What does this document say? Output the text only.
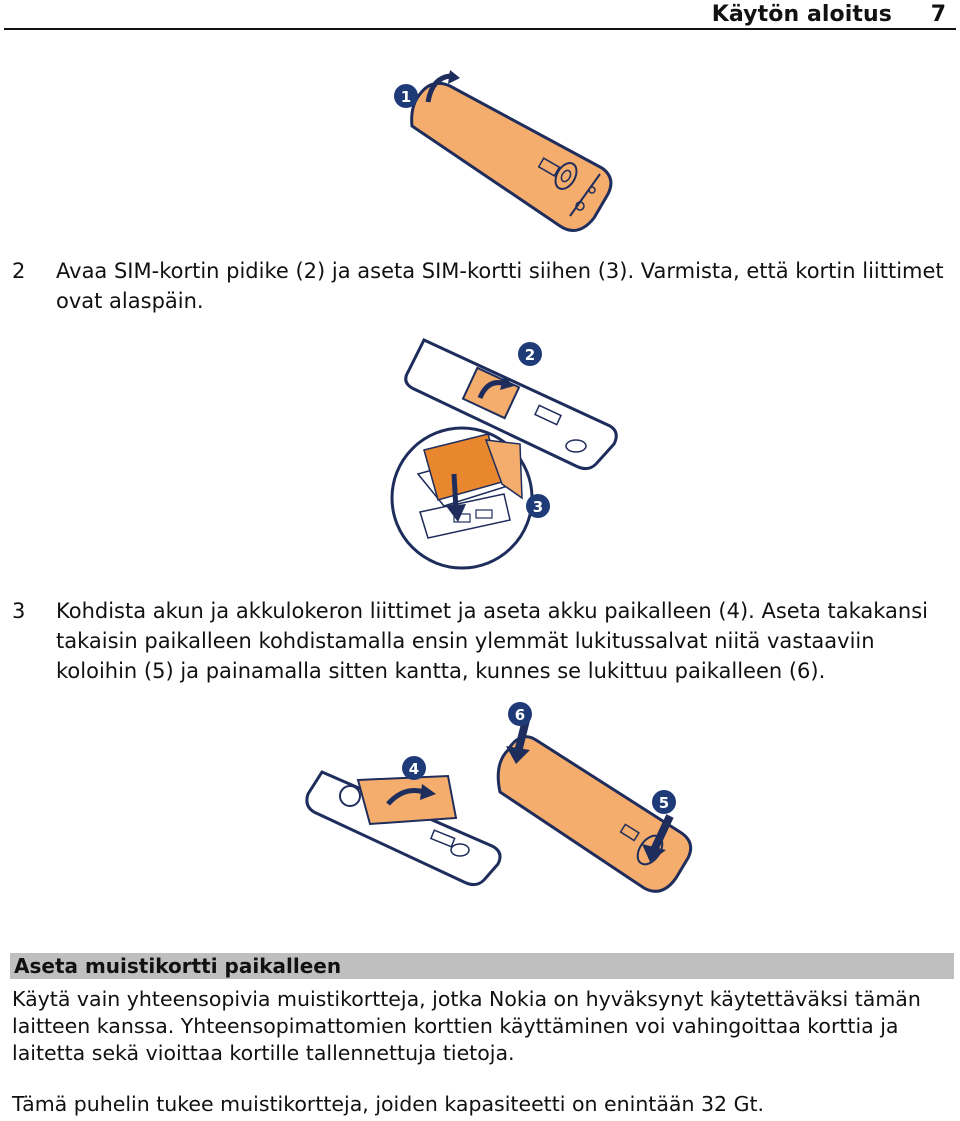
Käytön aloitus 7
1
2 Avaa SIM-kortin pidike (2) ja aseta SIM-kortti siihen (3). Varmista, että kortin liittimet ovat alaspäin.
2
3
3 Kohdista akun ja akkulokeron liittimet ja aseta akku paikalleen (4). Aseta takakansi takaisin paikalleen kohdistamalla ensin ylemmät lukitussalvat niitä vastaaviin koloihin (5) ja painamalla sitten kantta, kunnes se lukittuu paikalleen (6).
4
5
6
Aseta muistikortti paikalleen
Käytä vain yhteensopivia muistikortteja, jotka Nokia on hyväksynyt käytettäväksi tämän laitteen kanssa. Yhteensopimattomien korttien käyttäminen voi vahingoittaa korttia ja laitetta sekä vioittaa kortille tallennettuja tietoja.
Tämä puhelin tukee muistikortteja, joiden kapasiteetti on enintään 32 Gt.
